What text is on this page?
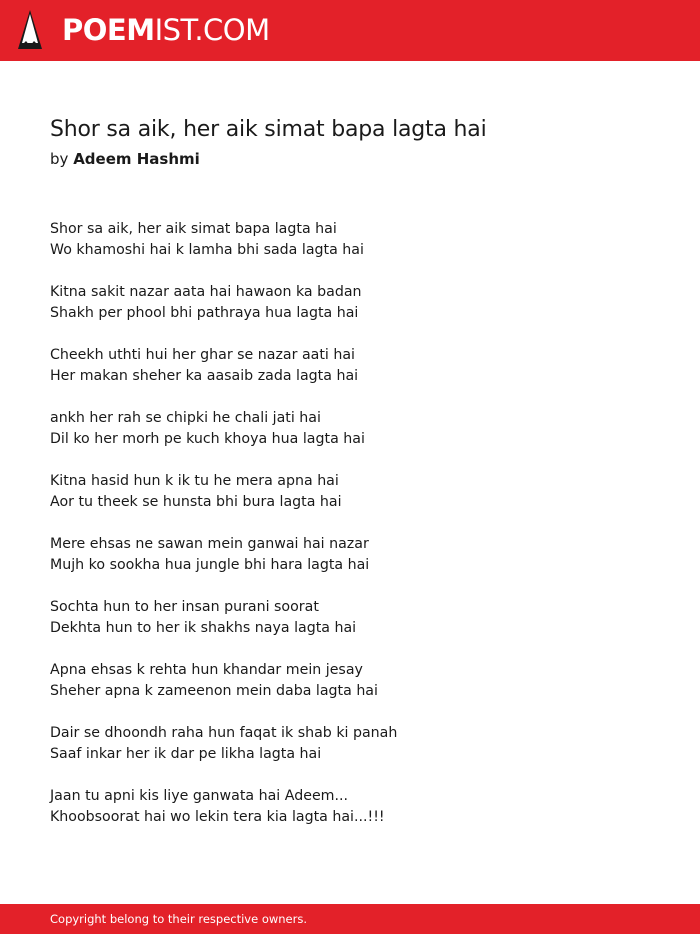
POEMIST.COM
Shor sa aik, her aik simat bapa lagta hai
by Adeem Hashmi
Shor sa aik, her aik simat bapa lagta hai
Wo khamoshi hai k lamha bhi sada lagta hai
Kitna sakit nazar aata hai hawaon ka badan
Shakh per phool bhi pathraya hua lagta hai
Cheekh uthti hui her ghar se nazar aati hai
Her makan sheher ka aasaib zada lagta hai
ankh her rah se chipki he chali jati hai
Dil ko her morh pe kuch khoya hua lagta hai
Kitna hasid hun k ik tu he mera apna hai
Aor tu theek se hunsta bhi bura lagta hai
Mere ehsas ne sawan mein ganwai hai nazar
Mujh ko sookha hua jungle bhi hara lagta hai
Sochta hun to her insan purani soorat
Dekhta hun to her ik shakhs naya lagta hai
Apna ehsas k rehta hun khandar mein jesay
Sheher apna k zameenon mein daba lagta hai
Dair se dhoondh raha hun faqat ik shab ki panah
Saaf inkar her ik dar pe likha lagta hai
Jaan tu apni kis liye ganwata hai Adeem...
Khoobsoorat hai wo lekin tera kia lagta hai...!!!
Copyright belong to their respective owners.
